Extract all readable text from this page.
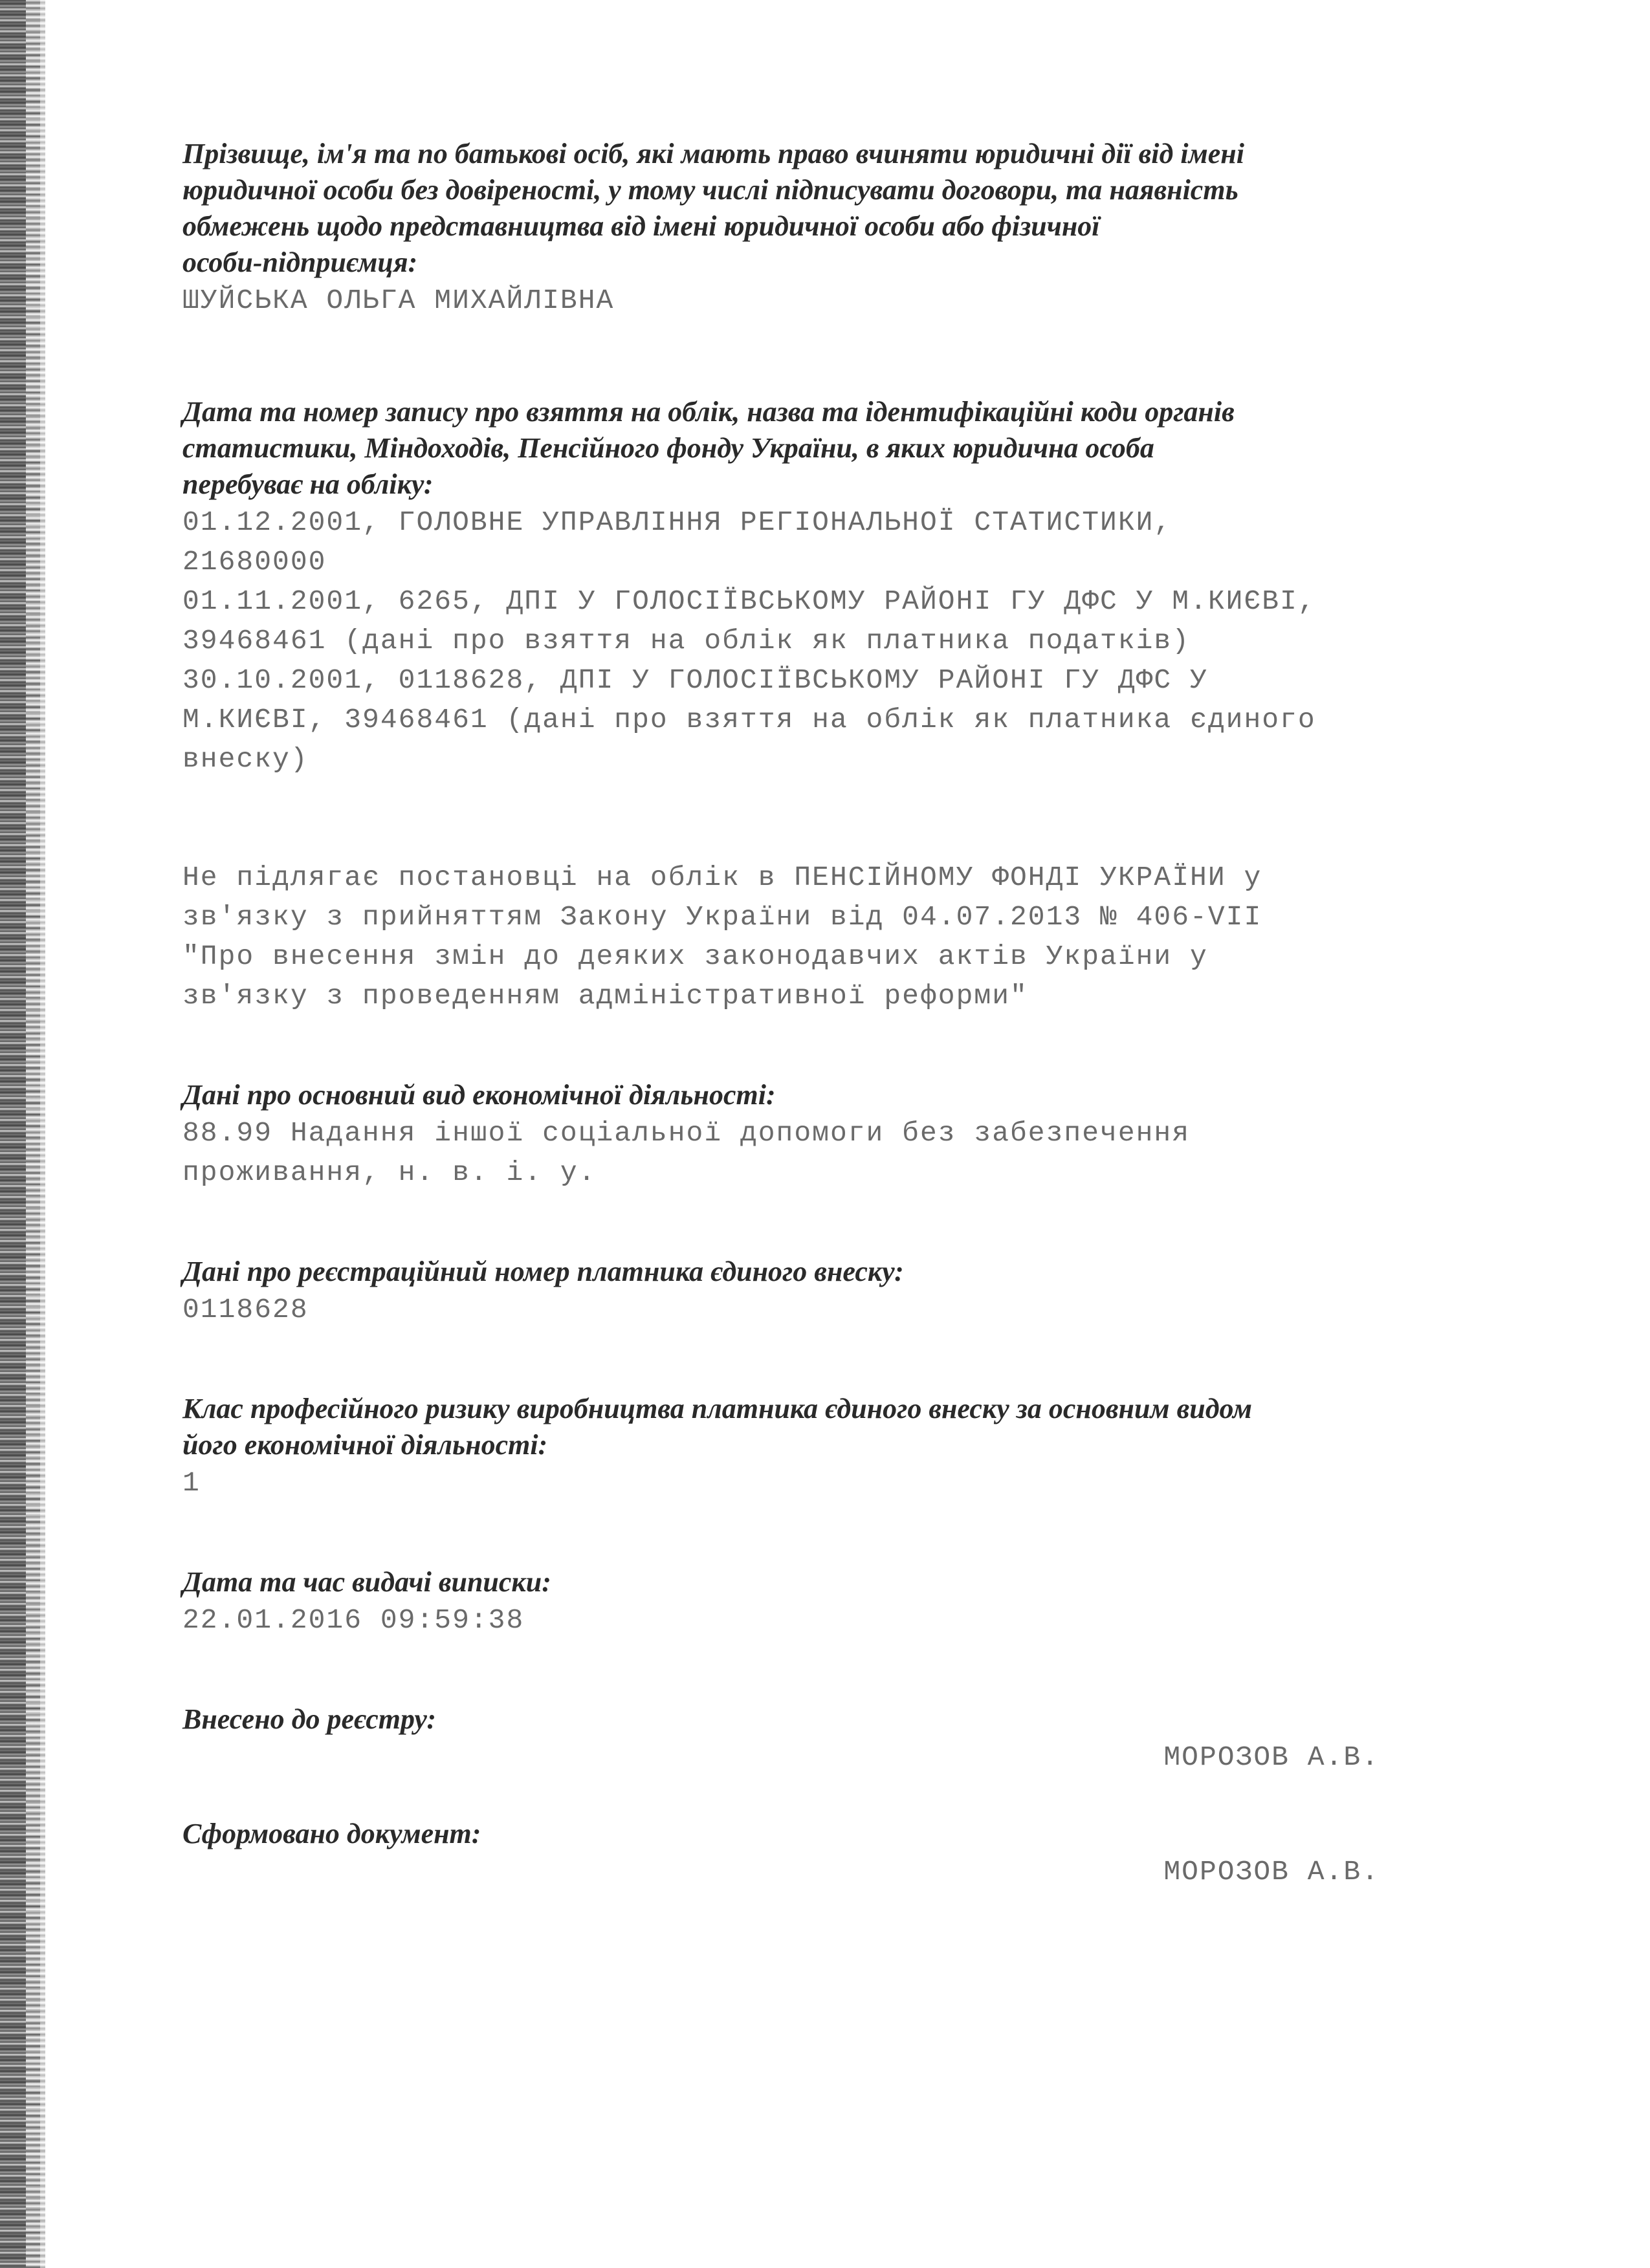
Прізвище, ім'я та по батькові осіб, які мають право вчиняти юридичні дії від імені
юридичної особи без довіреності, у тому числі підписувати договори, та наявність
обмежень щодо представництва від імені юридичної особи або фізичної
особи-підприємця:

ШУЙСЬКА ОЛЬГА МИХАЙЛІВНА

Дата та номер запису про взяття на облік, назва та ідентифікаційні коди органів
статистики, Міндоходів, Пенсійного фонду України, в яких юридична особа
перебуває на обліку:

01.12.2001, ГОЛОВНЕ УПРАВЛІННЯ РЕГІОНАЛЬНОЇ СТАТИСТИКИ,
21680000
01.11.2001, 6265, ДПІ У ГОЛОСІЇВСЬКОМУ РАЙОНІ ГУ ДФС У М.КИЄВІ,
39468461 (дані про взяття на облік як платника податків)
30.10.2001, 0118628, ДПІ У ГОЛОСІЇВСЬКОМУ РАЙОНІ ГУ ДФС У
М.КИЄВІ, 39468461 (дані про взяття на облік як платника єдиного
внеску)

Не підлягає постановці на облік в ПЕНСІЙНОМУ ФОНДІ УКРАЇНИ у
зв'язку з прийняттям Закону України від 04.07.2013 № 406-VII
"Про внесення змін до деяких законодавчих актів України у
зв'язку з проведенням адміністративної реформи"

Дані про основний вид економічної діяльності:

88.99 Надання іншої соціальної допомоги без забезпечення
проживання, н. в. і. у.

Дані про реєстраційний номер платника єдиного внеску:

0118628

Клас професійного ризику виробництва платника єдиного внеску за основним видом
його економічної діяльності:

1

Дата та час видачі виписки:

22.01.2016 09:59:38

Внесено до реєстру:

МОРОЗОВ А.В.

Сформовано документ:

МОРОЗОВ А.В.
